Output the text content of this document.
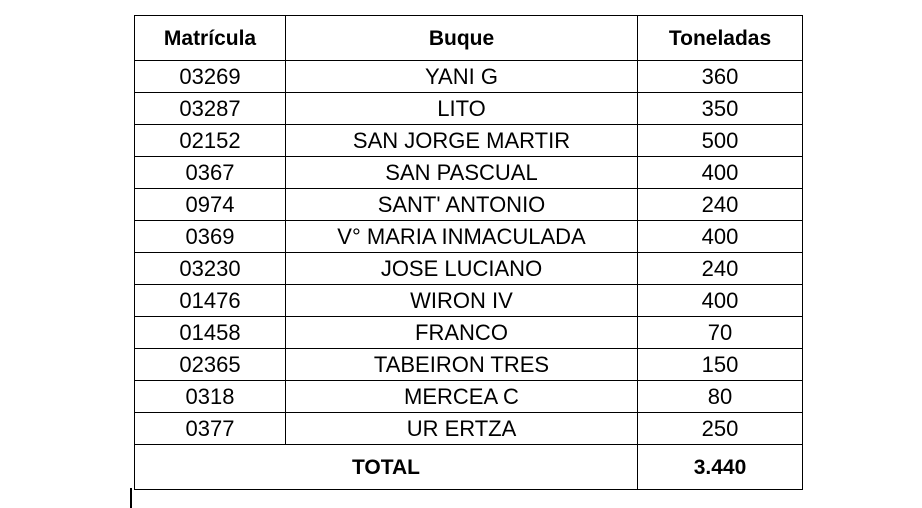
Matrícula	Buque	Toneladas
03269	YANI G	360
03287	LITO	350
02152	SAN JORGE MARTIR	500
0367	SAN PASCUAL	400
0974	SANT' ANTONIO	240
0369	V° MARIA INMACULADA	400
03230	JOSE LUCIANO	240
01476	WIRON IV	400
01458	FRANCO	70
02365	TABEIRON TRES	150
0318	MERCEA C	80
0377	UR ERTZA	250
TOTAL		3.440
